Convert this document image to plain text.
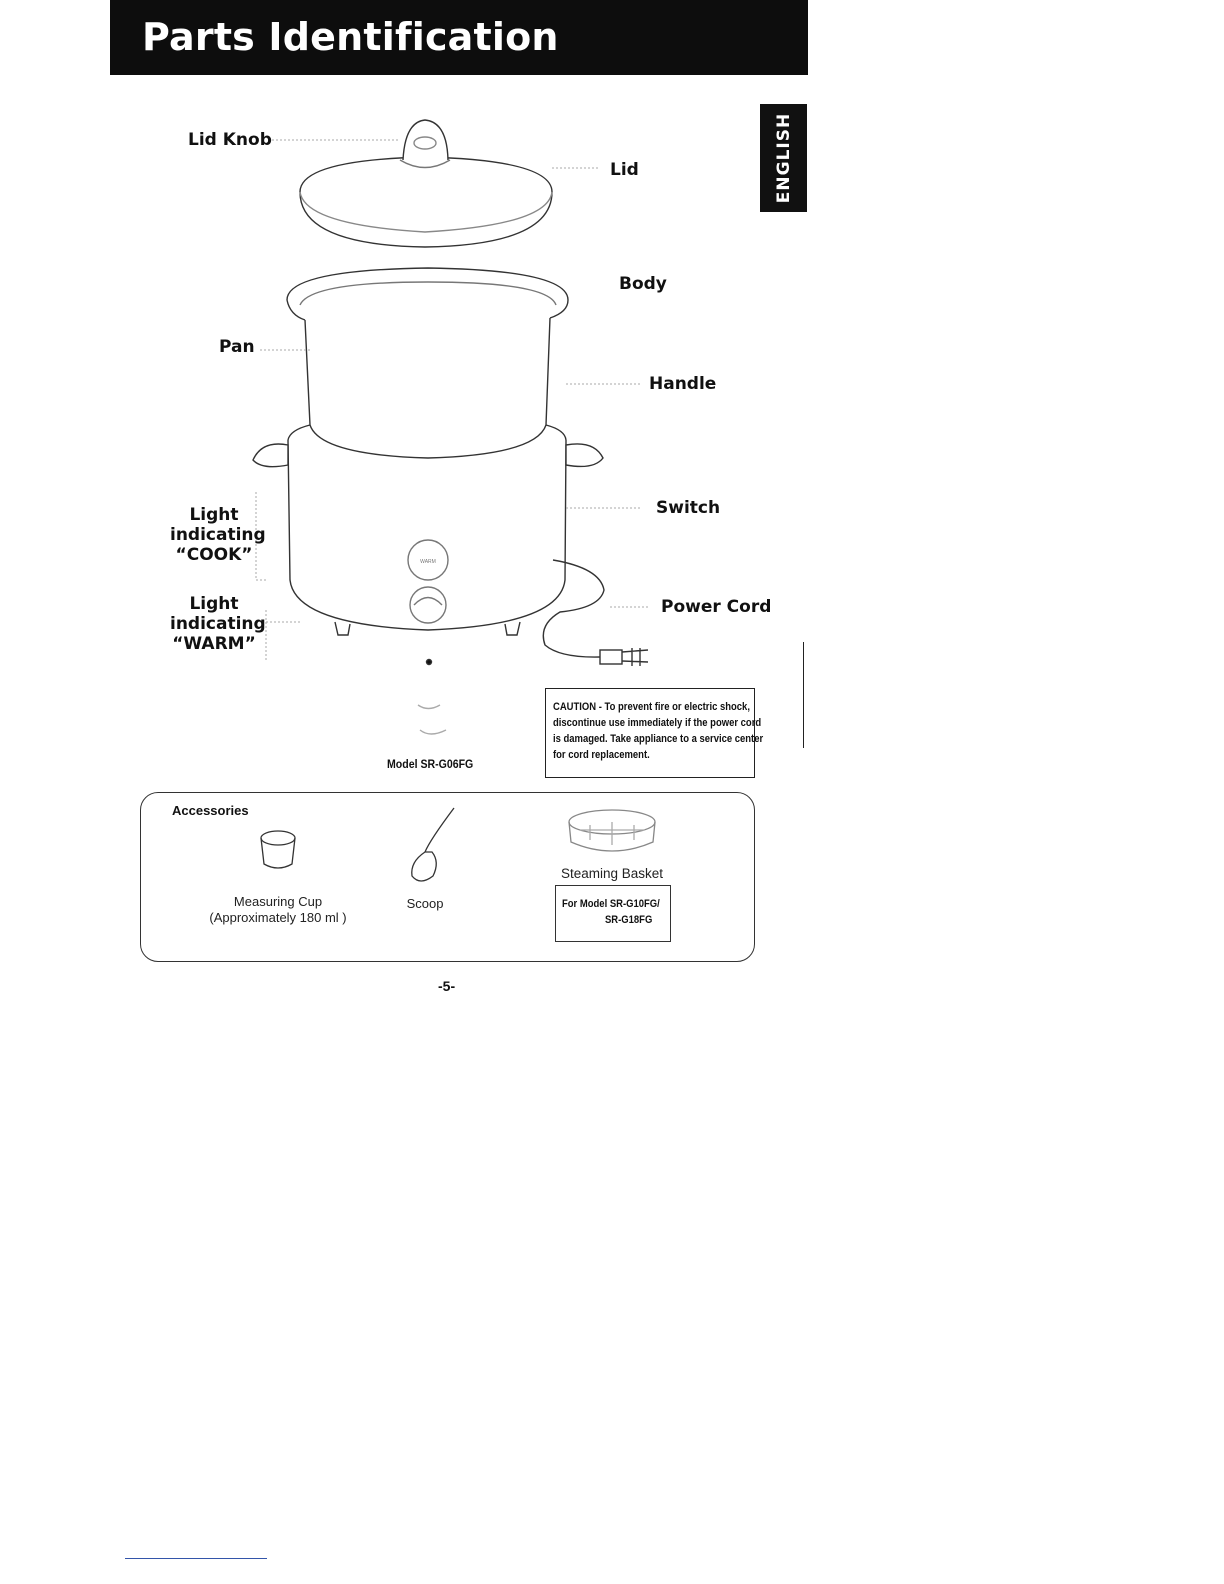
Parts Identification
ENGLISH
WARM
Lid Knob
Lid
Body
Pan
Handle
Light
indicating
“COOK”
Switch
Light
indicating
“WARM”
Power Cord
Model SR-G06FG
CAUTION - To prevent fire or electric shock,
discontinue use immediately if the power cord
is damaged. Take appliance to a service center
for cord replacement.
Accessories
Measuring Cup
(Approximately 180 ml )
Scoop
Steaming Basket
For Model SR-G10FG/
SR-G18FG
-5-
